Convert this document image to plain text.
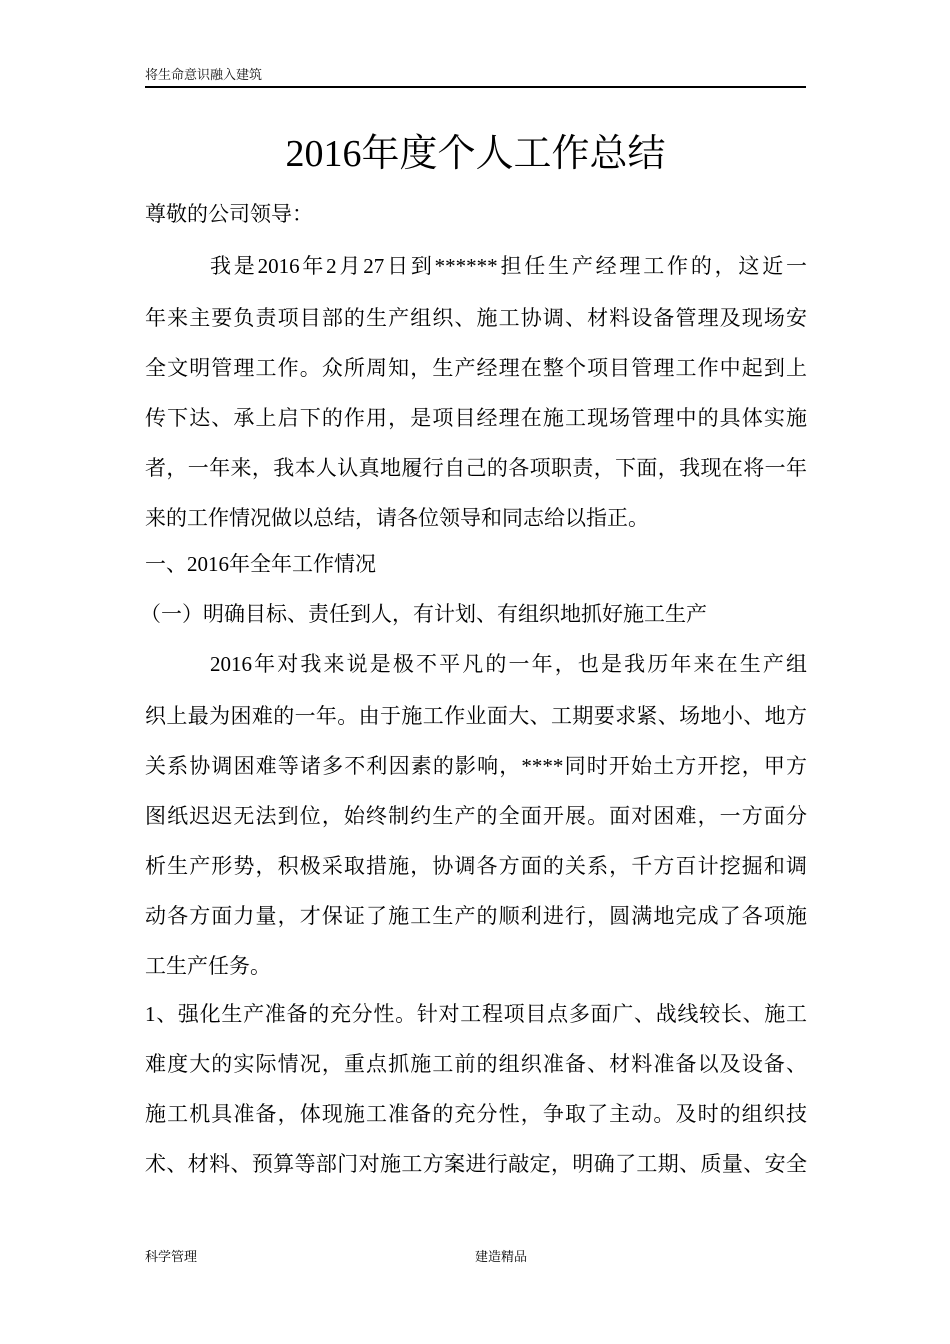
将生命意识融入建筑
2016年度个人工作总结
尊敬的公司领导：
我是2016年2月27日到******担任生产经理工作的，这近一
年来主要负责项目部的生产组织、施工协调、材料设备管理及现场安
全文明管理工作。众所周知，生产经理在整个项目管理工作中起到上
传下达、承上启下的作用，是项目经理在施工现场管理中的具体实施
者，一年来，我本人认真地履行自己的各项职责，下面，我现在将一年
来的工作情况做以总结，请各位领导和同志给以指正。
一、2016年全年工作情况
（一）明确目标、责任到人，有计划、有组织地抓好施工生产
2016年对我来说是极不平凡的一年，也是我历年来在生产组
织上最为困难的一年。由于施工作业面大、工期要求紧、场地小、地方
关系协调困难等诸多不利因素的影响，****同时开始土方开挖，甲方
图纸迟迟无法到位，始终制约生产的全面开展。面对困难，一方面分
析生产形势，积极采取措施，协调各方面的关系，千方百计挖掘和调
动各方面力量，才保证了施工生产的顺利进行，圆满地完成了各项施
工生产任务。
1、强化生产准备的充分性。针对工程项目点多面广、战线较长、施工
难度大的实际情况，重点抓施工前的组织准备、材料准备以及设备、
施工机具准备，体现施工准备的充分性，争取了主动。及时的组织技
术、材料、预算等部门对施工方案进行敲定，明确了工期、质量、安全
科学管理	建造精品
